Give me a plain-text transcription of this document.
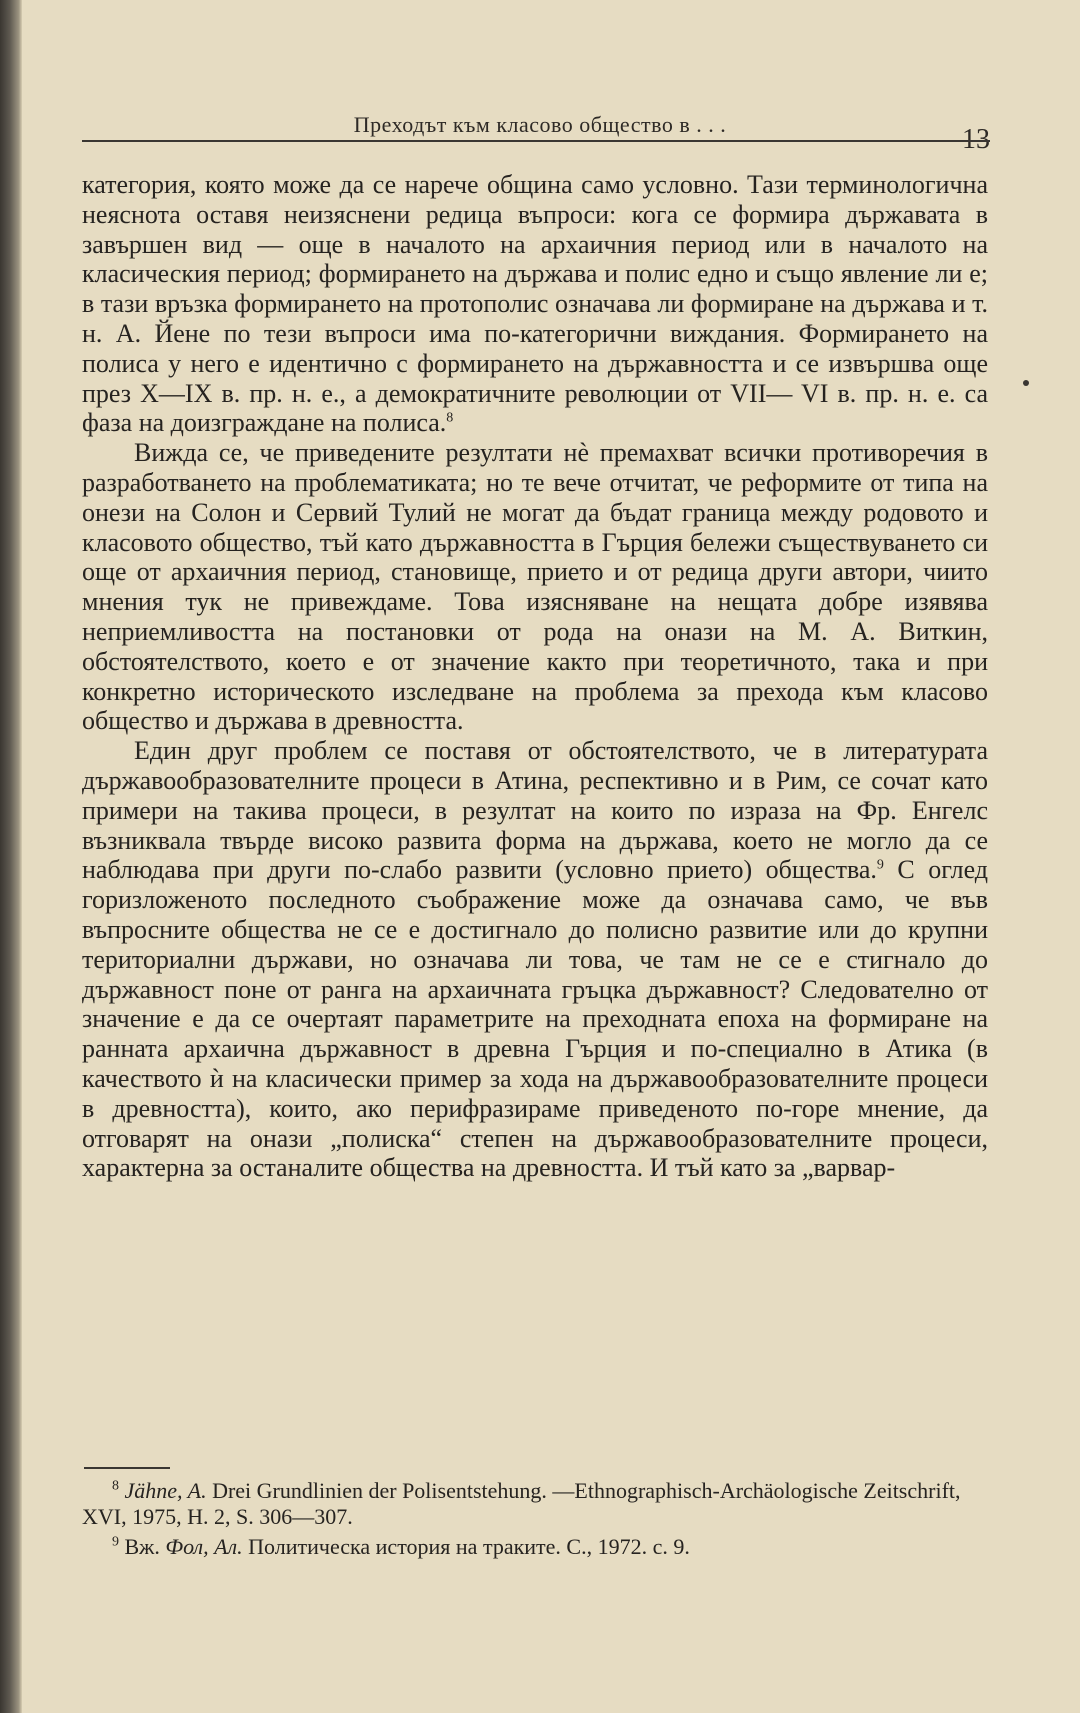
Преходът към класово общество в . . .	13

категория, която може да се нарече община само условно. Тази терминологична неяснота оставя неизяснени редица въпроси: кога се формира държавата в завършен вид — още в началото на архаичния период или в началото на класическия период; формирането на държава и полис едно и също явление ли е; в тази връзка формирането на протополис означава ли формиране на държава и т. н. А. Йене по тези въпроси има по-категорични виждания. Формирането на полиса у него е идентично с формирането на държавността и се извършва още през X—IX в. пр. н. е., а демократичните революции от VII— VI в. пр. н. е. са фаза на доизграждане на полиса.$^8$

Вижда се, че приведените резултати нѐ премахват всички противоречия в разработването на проблематиката; но те вече отчитат, че реформите от типа на онези на Солон и Сервий Тулий не могат да бъдат граница между родовото и класовото общество, тъй като държавността в Гърция бележи съществуването си още от архаичния период, становище, прието и от редица други автори, чиито мнения тук не привеждаме. Това изясняване на нещата добре изявява неприемливостта на постановки от рода на онази на М. А. Виткин, обстоятелството, което е от значение както при теоретичното, така и при конкретно историческото изследване на проблема за прехода към класово общество и държава в древността.

Един друг проблем се поставя от обстоятелството, че в литературата държавообразователните процеси в Атина, респективно и в Рим, се сочат като примери на такива процеси, в резултат на които по израза на Фр. Енгелс възниквала твърде високо развита форма на държава, което не могло да се наблюдава при други по-слабо развити (условно прието) общества.$^9$ С оглед горизложеното последното съображение може да означава само, че във въпросните общества не се е достигнало до полисно развитие или до крупни териториални държави, но означава ли това, че там не се е стигнало до държавност поне от ранга на архаичната гръцка държавност? Следователно от значение е да се очертаят параметрите на преходната епоха на формиране на ранната архаична държавност в древна Гърция и по-специално в Атика (в качеството ѝ на класически пример за хода на държавообразователните процеси в древността), които, ако перифразираме приведеното по-горе мнение, да отговарят на онази „полиска“ степен на държавообразователните процеси, характерна за останалите общества на древността. И тъй като за „варвар-

$^8$ Jähne, A. Drei Grundlinien der Polisentstehung. —Ethnographisch-Archäologische Zeitschrift, XVI, 1975, H. 2, S. 306—307.

$^9$ Вж. Фол, Ал. Политическа история на траките. С., 1972. с. 9.
